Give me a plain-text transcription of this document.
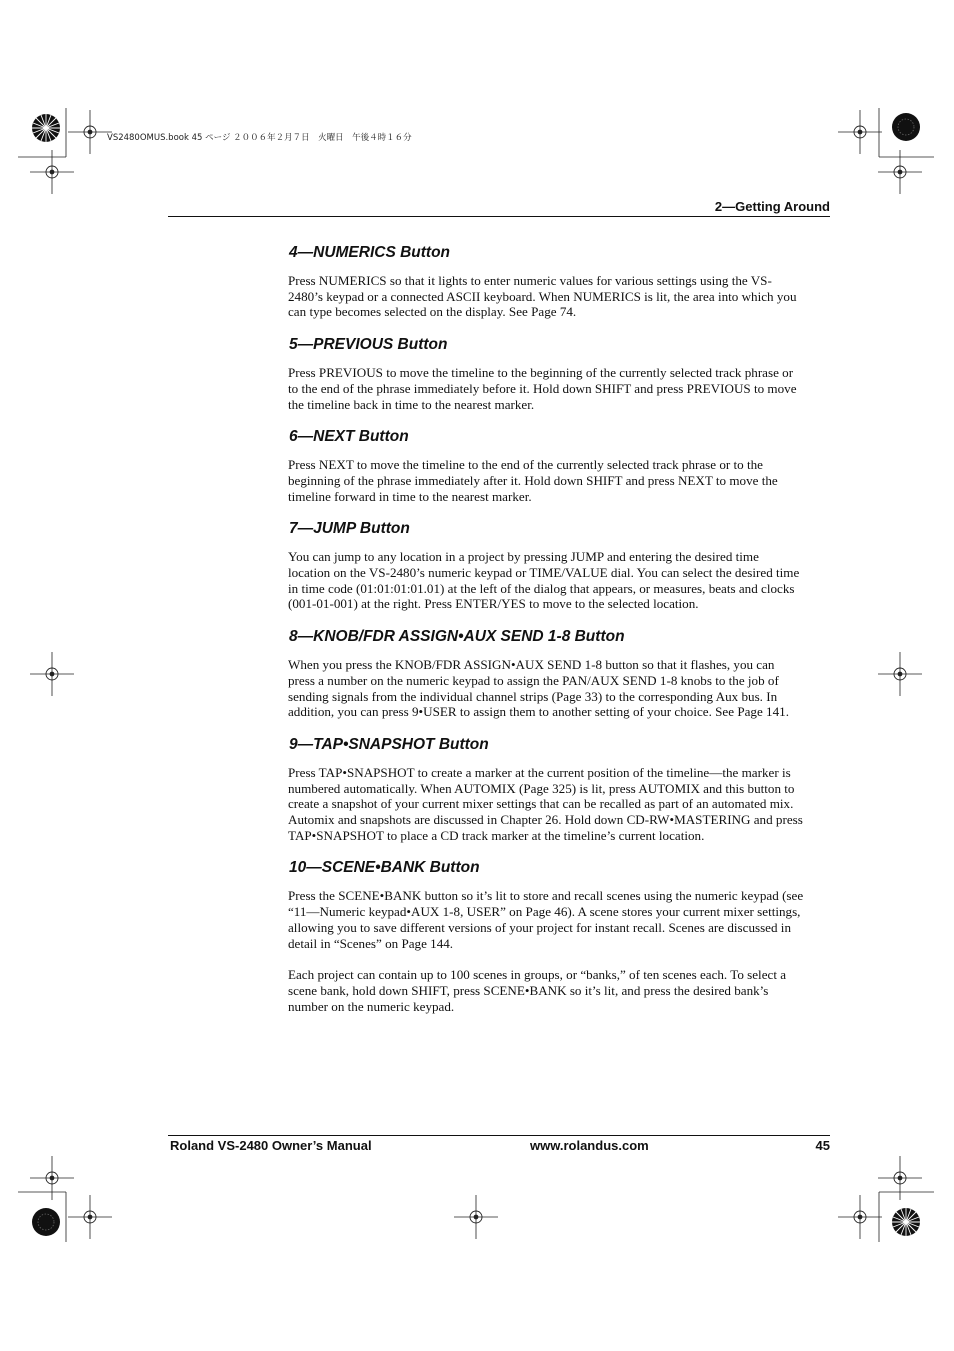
VS2480OMUS.book 45 ページ ２００６年２月７日　火曜日　午後４時１６分
2—Getting Around
4—NUMERICS Button

Press NUMERICS so that it lights to enter numeric values for various settings using the VS-2480’s keypad or a connected ASCII keyboard. When NUMERICS is lit, the area into which you can type becomes selected on the display. See Page 74.

5—PREVIOUS Button

Press PREVIOUS to move the timeline to the beginning of the currently selected track phrase or to the end of the phrase immediately before it. Hold down SHIFT and press PREVIOUS to move the timeline back in time to the nearest marker.

6—NEXT Button

Press NEXT to move the timeline to the end of the currently selected track phrase or to the beginning of the phrase immediately after it. Hold down SHIFT and press NEXT to move the timeline forward in time to the nearest marker.

7—JUMP Button

You can jump to any location in a project by pressing JUMP and entering the desired time location on the VS-2480’s numeric keypad or TIME/VALUE dial. You can select the desired time in time code (01:01:01:01.01) at the left of the dialog that appears, or measures, beats and clocks (001-01-001) at the right. Press ENTER/YES to move to the selected location.

8—KNOB/FDR ASSIGN•AUX SEND 1-8 Button

When you press the KNOB/FDR ASSIGN•AUX SEND 1-8 button so that it flashes, you can press a number on the numeric keypad to assign the PAN/AUX SEND 1-8 knobs to the job of sending signals from the individual channel strips (Page 33) to the corresponding Aux bus. In addition, you can press 9•USER to assign them to another setting of your choice. See Page 141.

9—TAP•SNAPSHOT Button

Press TAP•SNAPSHOT to create a marker at the current position of the timeline—the marker is numbered automatically. When AUTOMIX (Page 325) is lit, press AUTOMIX and this button to create a snapshot of your current mixer settings that can be recalled as part of an automated mix. Automix and snapshots are discussed in Chapter 26. Hold down CD-RW•MASTERING and press TAP•SNAPSHOT to place a CD track marker at the timeline’s current location.

10—SCENE•BANK Button

Press the SCENE•BANK button so it’s lit to store and recall scenes using the numeric keypad (see “11—Numeric keypad•AUX 1-8, USER” on Page 46). A scene stores your current mixer settings, allowing you to save different versions of your project for instant recall. Scenes are discussed in detail in “Scenes” on Page 144.

Each project can contain up to 100 scenes in groups, or “banks,” of ten scenes each. To select a scene bank, hold down SHIFT, press SCENE•BANK so it’s lit, and press the desired bank’s number on the numeric keypad.

Roland VS-2480 Owner’s Manual	www.rolandus.com	45
